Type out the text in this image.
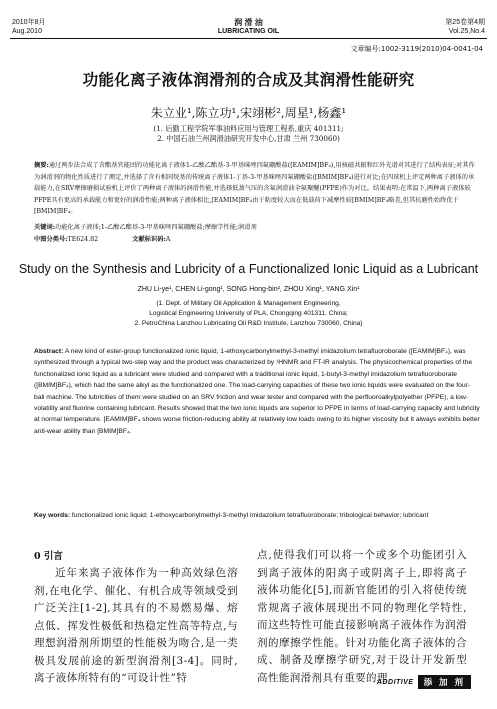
2010年8月
Aug.2010
润 滑 油
LUBRICATING OIL
第25卷第4期
Vol.25,No.4
文章编号:1002-3119(2010)04-0041-04
功能化离子液体润滑剂的合成及其润滑性能研究
朱立业¹,陈立功¹,宋翊彬²,周星¹,杨鑫¹
(1. 后勤工程学院军事油料应用与管理工程系,重庆 401311;
2. 中国石油兰州润滑油研究开发中心,甘肃 兰州 730060)
摘要:通过两步法合成了含酯基官能团的功能化离子液体1-乙酸乙酯基-3-甲基咪唑四氟硼酸盐([EAMIM]BF₄),用核磁共振和红外光谱对其进行了结构表征;对其作为润滑剂的物化性质进行了测定,并选择了含有相同烷基的传统离子液体1-丁基-3-甲基咪唑四氟硼酸盐([BMIM]BF₄)进行对比;在四球机上评定两种离子液体的承载能力,在SRV摩擦磨损试验机上评价了两种离子液体的润滑性能,并选择低蒸气压的含氟润滑油全氟聚醚(PFPE)作为对比。结果表明:在常温下,两种离子液体较PFPE具有更高的承载能力和更好的润滑性能;两种离子液体相比,[EAMIM]BF₄由于粘度较大而在低载荷下减摩性较[BMIM]BF₄略差,但其抗磨性始终优于[BMIM]BF₄。
关键词:功能化离子液体;1-乙酸乙酯基-3-甲基咪唑四氟硼酸盐;摩擦学性能;润滑剂
中图分类号:TE624.82	文献标识码:A
Study on the Synthesis and Lubricity of a Functionalized Ionic Liquid as a Lubricant
ZHU Li-ye¹, CHEN Li-gong¹, SONG Hong-bin², ZHOU Xing¹, YANG Xin¹
(1. Dept. of Military Oil Application & Management Engineering,
Logistical Engineering University of PLA, Chongqing 401311, China;
2. PetroChina Lanzhou Lubricating Oil R&D Institute, Lanzhou 730060, China)
Abstract: A new kind of ester-group functionalized ionic liquid, 1-ethoxycarbonylmethyl-3-methyl imidazolium tetrafluoroborate ([EAMIM]BF₄), was synthesized through a typical two-step way and the product was characterized by ¹HNMR and FT-IR analysis. The physicochemical properties of the functionalized ionic liquid as a lubricant were studied and compared with a traditional ionic liquid, 1-butyl-3-methyl imidazolium tetrafluoroborate ([BMIM]BF₄), which had the same alkyl as the functionalized one. The load-carrying capacities of these two ionic liquids were evaluated on the four-ball machine. The lubricities of them were studied on an SRV friction and wear tester and compared with the perfluoroalkylpolyether (PFPE), a low-volatility and fluorine containing lubricant. Results showed that the two ionic liquids are superior to PFPE in terms of load-carrying capacity and lubricity at normal temperature. [EAMIM]BF₄ shows worse friction-reducing ability at relatively low loads owing to its higher viscosity but it always exhibits better anti-wear ability than [BMIM]BF₄.
Key words: functionalized ionic liquid; 1-ethoxycarbonylmethyl-3-methyl imidazolium tetrafluoroborate; tribological behavior; lubricant
0 引言
近年来离子液体作为一种高效绿色溶剂,在电化学、催化、有机合成等领域受到广泛关注[1-2],其具有的不易燃易爆、熔点低、挥发性极低和热稳定性高等特点,与理想润滑剂所期望的性能极为吻合,是一类极具发展前途的新型润滑剂[3-4]。同时,离子液体所特有的“可设计性”特
点,使得我们可以将一个或多个功能团引入到离子液体的阳离子或阴离子上,即将离子液体功能化[5],而新官能团的引入将使传统常规离子液体展现出不同的物理化学特性,而这些特性可能直接影响离子液体作为润滑剂的摩擦学性能。针对功能化离子液体的合成、制备及摩擦学研究,对于设计开发新型高性能润滑剂具有重要的理
ADDITIVE	添 加 剂
